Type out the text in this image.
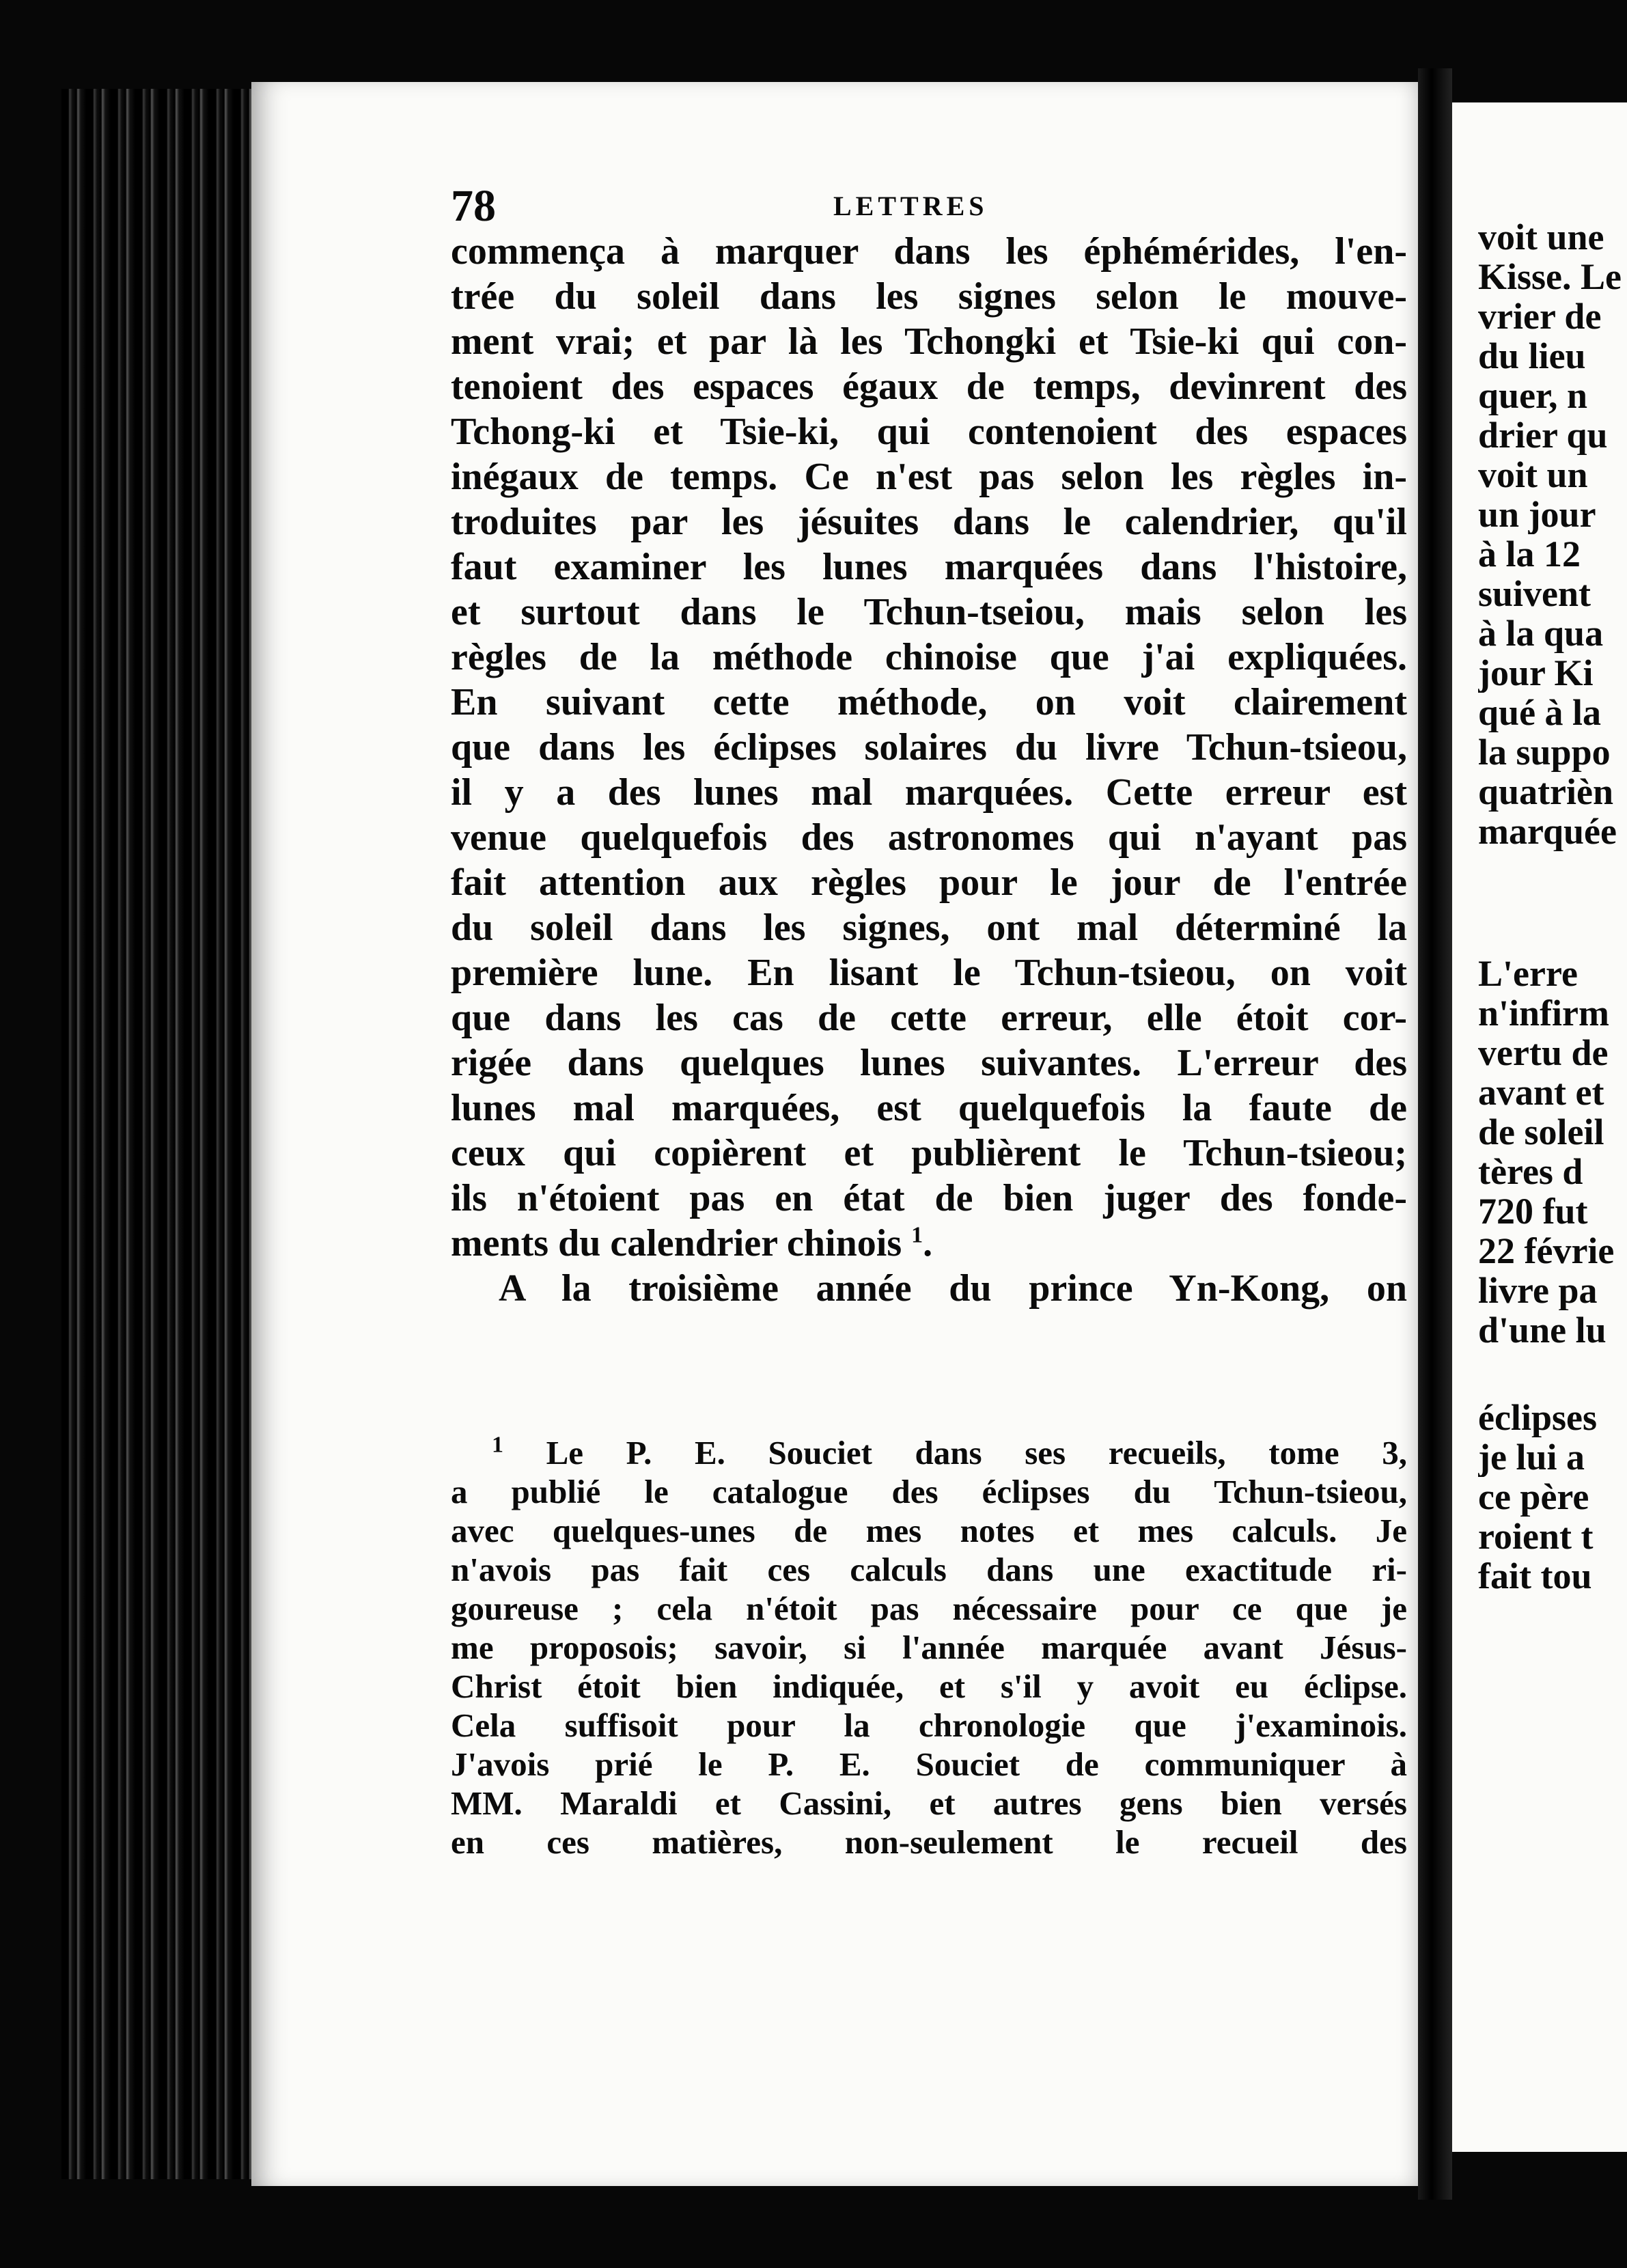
78	LETTRES
commença à marquer dans les éphémérides, l'en-
trée du soleil dans les signes selon le mouve-
ment vrai; et par là les Tchongki et Tsie-ki qui con-
tenoient des espaces égaux de temps, devinrent des
Tchong-ki et Tsie-ki, qui contenoient des espaces
inégaux de temps. Ce n'est pas selon les règles in-
troduites par les jésuites dans le calendrier, qu'il
faut examiner les lunes marquées dans l'histoire,
et surtout dans le Tchun-tseiou, mais selon les
règles de la méthode chinoise que j'ai expliquées.
En suivant cette méthode, on voit clairement
que dans les éclipses solaires du livre Tchun-tsieou,
il y a des lunes mal marquées. Cette erreur est
venue quelquefois des astronomes qui n'ayant pas
fait attention aux règles pour le jour de l'entrée
du soleil dans les signes, ont mal déterminé la
première lune. En lisant le Tchun-tsieou, on voit
que dans les cas de cette erreur, elle étoit cor-
rigée dans quelques lunes suivantes. L'erreur des
lunes mal marquées, est quelquefois la faute de
ceux qui copièrent et publièrent le Tchun-tsieou;
ils n'étoient pas en état de bien juger des fonde-
ments du calendrier chinois $^1$.
A la troisième année du prince Yn-Kong, on
$^1$ Le P. E. Souciet dans ses recueils, tome 3,
a publié le catalogue des éclipses du Tchun-tsieou,
avec quelques-unes de mes notes et mes calculs. Je
n'avois pas fait ces calculs dans une exactitude ri-
goureuse ; cela n'étoit pas nécessaire pour ce que je
me proposois; savoir, si l'année marquée avant Jésus-
Christ étoit bien indiquée, et s'il y avoit eu éclipse.
Cela suffisoit pour la chronologie que j'examinois.
J'avois prié le P. E. Souciet de communiquer à
MM. Maraldi et Cassini, et autres gens bien versés
en ces matières, non-seulement le recueil des
voit une
Kisse. Le
vrier de
du lieu
quer, n
drier qu
voit un
un jour
à la 12
suivent
à la qua
jour Ki
qué à la
la suppo
quatrièn
marquée
L'erre
n'infirm
vertu de
avant et
de soleil
tères d
720 fut
22 févrie
livre pa
d'une lu
éclipses
je lui a
ce père
roient t
fait tou
